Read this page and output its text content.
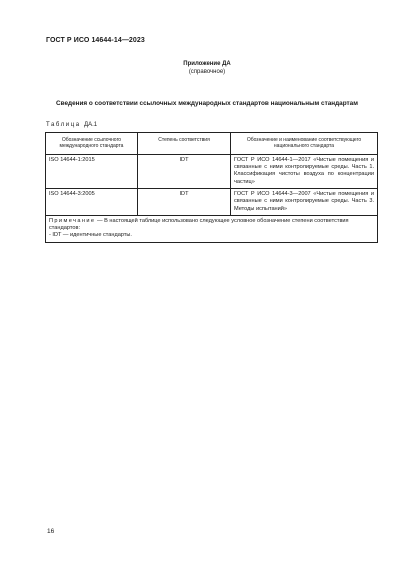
ГОСТ Р ИСО 14644-14—2023
Приложение ДА
(справочное)
Сведения о соответствии ссылочных международных стандартов национальным стандартам
Таблица ДА.1
Обозначение ссылочного международного стандарта	Степень соответствия	Обозначение и наименование соответствующего национального стандарта
ISO 14644-1:2015	IDT	ГОСТ Р ИСО 14644-1—2017 «Чистые помещения и связанные с ними контролируемые среды. Часть 1. Классификация чистоты воздуха по концентрации частиц»
ISO 14644-3:2005	IDT	ГОСТ Р ИСО 14644-3—2007 «Чистые помещения и связанные с ними контролируемые среды. Часть 3. Методы испытаний»
Примечание — В настоящей таблице использовано следующее условное обозначение степени соответствия стандартов:
- IDT — идентичные стандарты.		
16
